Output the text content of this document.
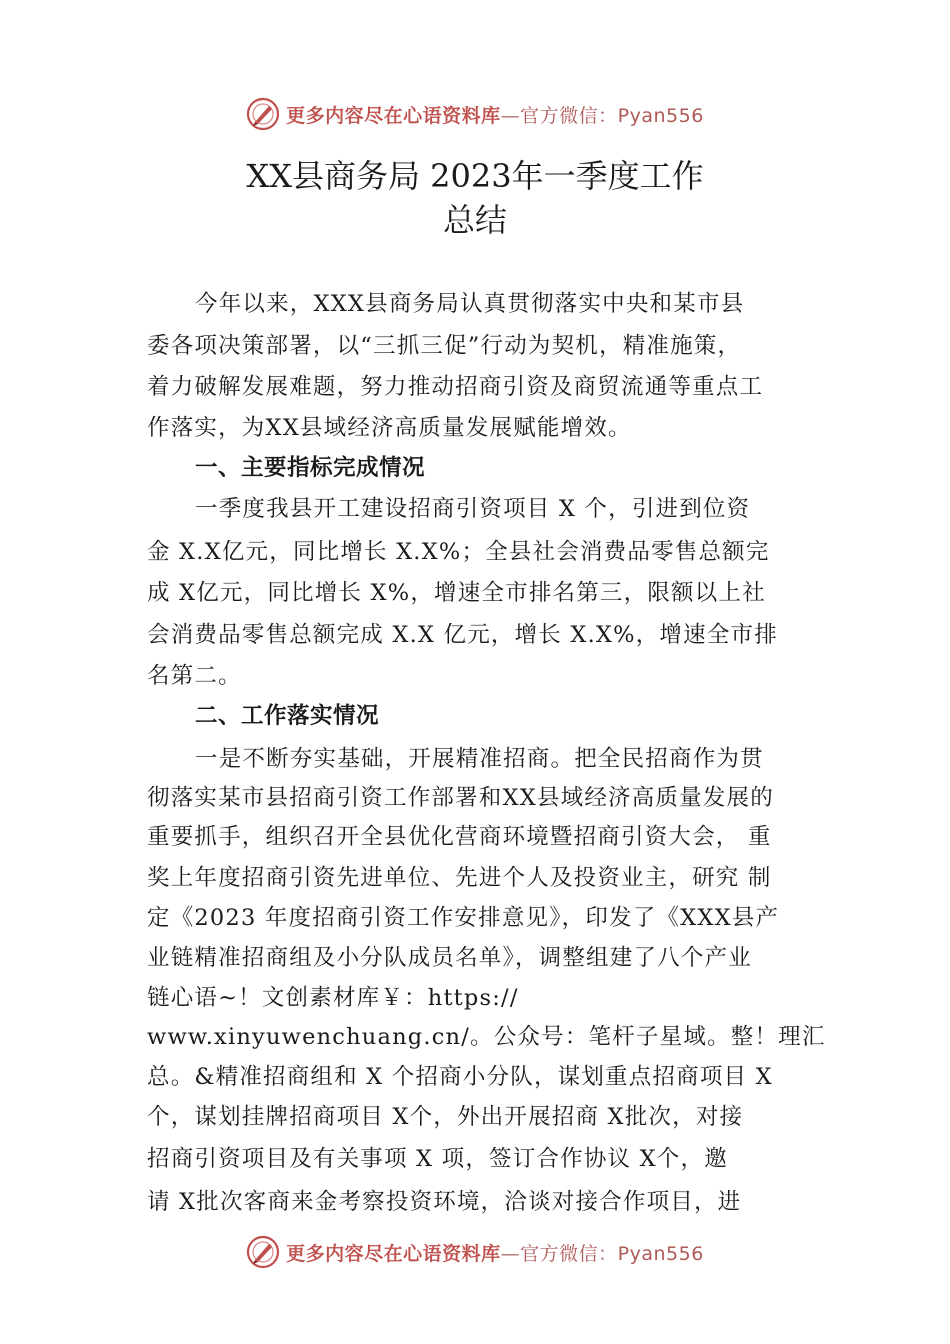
更多内容尽在心语资料库—官方微信：Pyan556
XX县商务局 2023年一季度工作
总结
今年以来，XXX县商务局认真贯彻落实中央和某市县
委各项决策部署，以“三抓三促”行动为契机，精准施策，
着力破解发展难题，努力推动招商引资及商贸流通等重点工
作落实，为XX县域经济高质量发展赋能增效。
一、主要指标完成情况
一季度我县开工建设招商引资项目 X 个，引进到位资
金 X.X亿元，同比增长 X.X%；全县社会消费品零售总额完
成 X亿元，同比增长 X%，增速全市排名第三，限额以上社
会消费品零售总额完成 X.X 亿元，增长 X.X%，增速全市排
名第二。
二、工作落实情况
一是不断夯实基础，开展精准招商。把全民招商作为贯
彻落实某市县招商引资工作部署和XX县域经济高质量发展的
重要抓手，组织召开全县优化营商环境暨招商引资大会， 重
奖上年度招商引资先进单位、先进个人及投资业主，研究 制
定《2023 年度招商引资工作安排意见》，印发了《XXX县产
业链精准招商组及小分队成员名单》，调整组建了八个产业
链心语~！文创素材库￥：https://
www.xinyuwenchuang.cn/。公众号：笔杆子星域。整！理汇
总。&精准招商组和 X 个招商小分队，谋划重点招商项目 X
个，谋划挂牌招商项目 X个，外出开展招商 X批次，对接
招商引资项目及有关事项 X 项，签订合作协议 X个，邀
请 X批次客商来金考察投资环境，洽谈对接合作项目，进
更多内容尽在心语资料库—官方微信：Pyan556
